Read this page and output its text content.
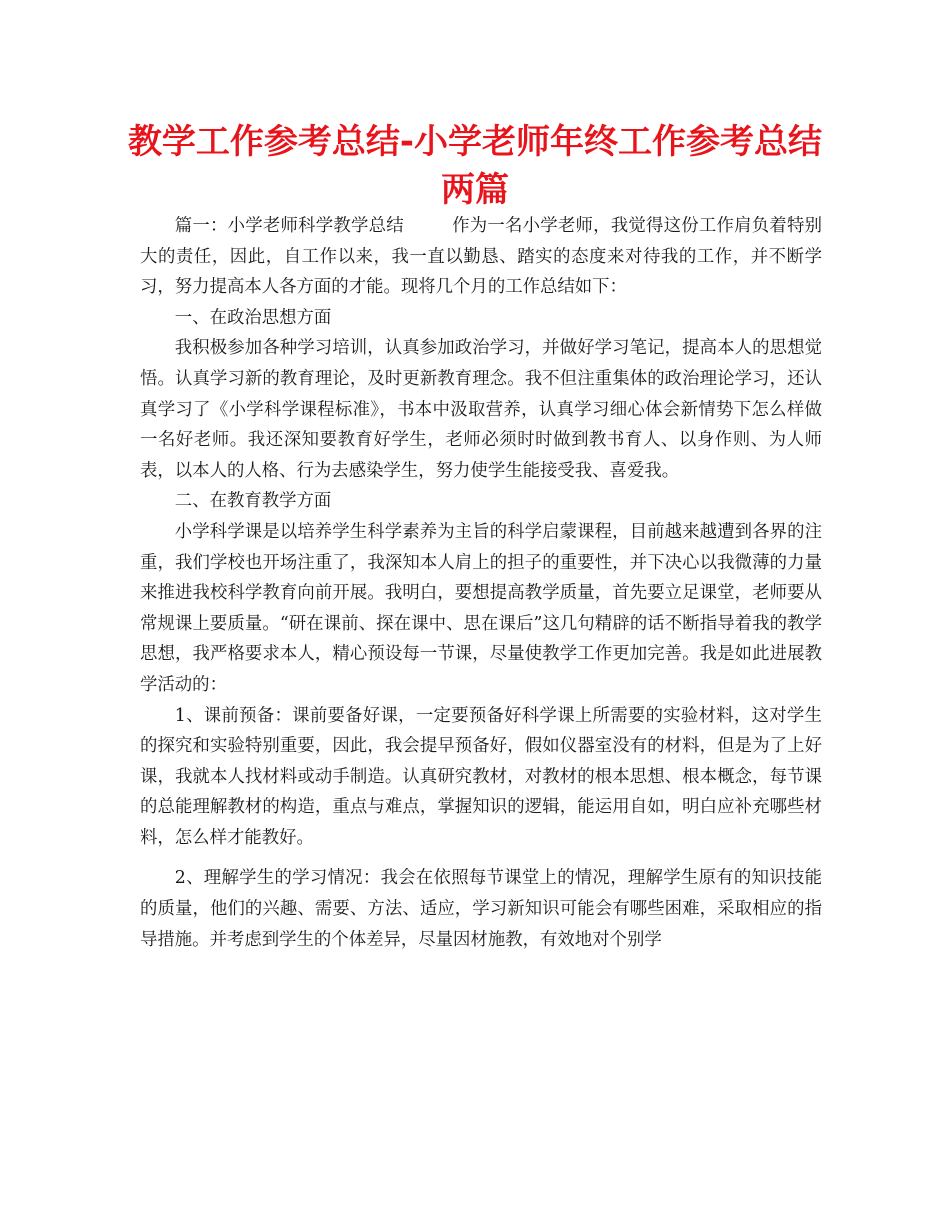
教学工作参考总结-小学老师年终工作参考总结两篇

篇一：小学老师科学教学总结	作为一名小学老师，我觉得这份工作肩负着特别大的责任，因此，自工作以来，我一直以勤恳、踏实的态度来对待我的工作，并不断学习，努力提高本人各方面的才能。现将几个月的工作总结如下：

一、在政治思想方面

我积极参加各种学习培训，认真参加政治学习，并做好学习笔记，提高本人的思想觉悟。认真学习新的教育理论，及时更新教育理念。我不但注重集体的政治理论学习，还认真学习了《小学科学课程标准》，书本中汲取营养，认真学习细心体会新情势下怎么样做一名好老师。我还深知要教育好学生，老师必须时时做到教书育人、以身作则、为人师表，以本人的人格、行为去感染学生，努力使学生能接受我、喜爱我。

二、在教育教学方面

小学科学课是以培养学生科学素养为主旨的科学启蒙课程，目前越来越遭到各界的注重，我们学校也开场注重了，我深知本人肩上的担子的重要性，并下决心以我微薄的力量来推进我校科学教育向前开展。我明白，要想提高教学质量，首先要立足课堂，老师要从常规课上要质量。“研在课前、探在课中、思在课后”这几句精辟的话不断指导着我的教学思想，我严格要求本人，精心预设每一节课，尽量使教学工作更加完善。我是如此进展教学活动的：

1、课前预备：课前要备好课，一定要预备好科学课上所需要的实验材料，这对学生的探究和实验特别重要，因此，我会提早预备好，假如仪器室没有的材料，但是为了上好课，我就本人找材料或动手制造。认真研究教材，对教材的根本思想、根本概念，每节课的总能理解教材的构造，重点与难点，掌握知识的逻辑，能运用自如，明白应补充哪些材料，怎么样才能教好。

2、理解学生的学习情况：我会在依照每节课堂上的情况，理解学生原有的知识技能的质量，他们的兴趣、需要、方法、适应，学习新知识可能会有哪些困难，采取相应的指导措施。并考虑到学生的个体差异，尽量因材施教，有效地对个别学
